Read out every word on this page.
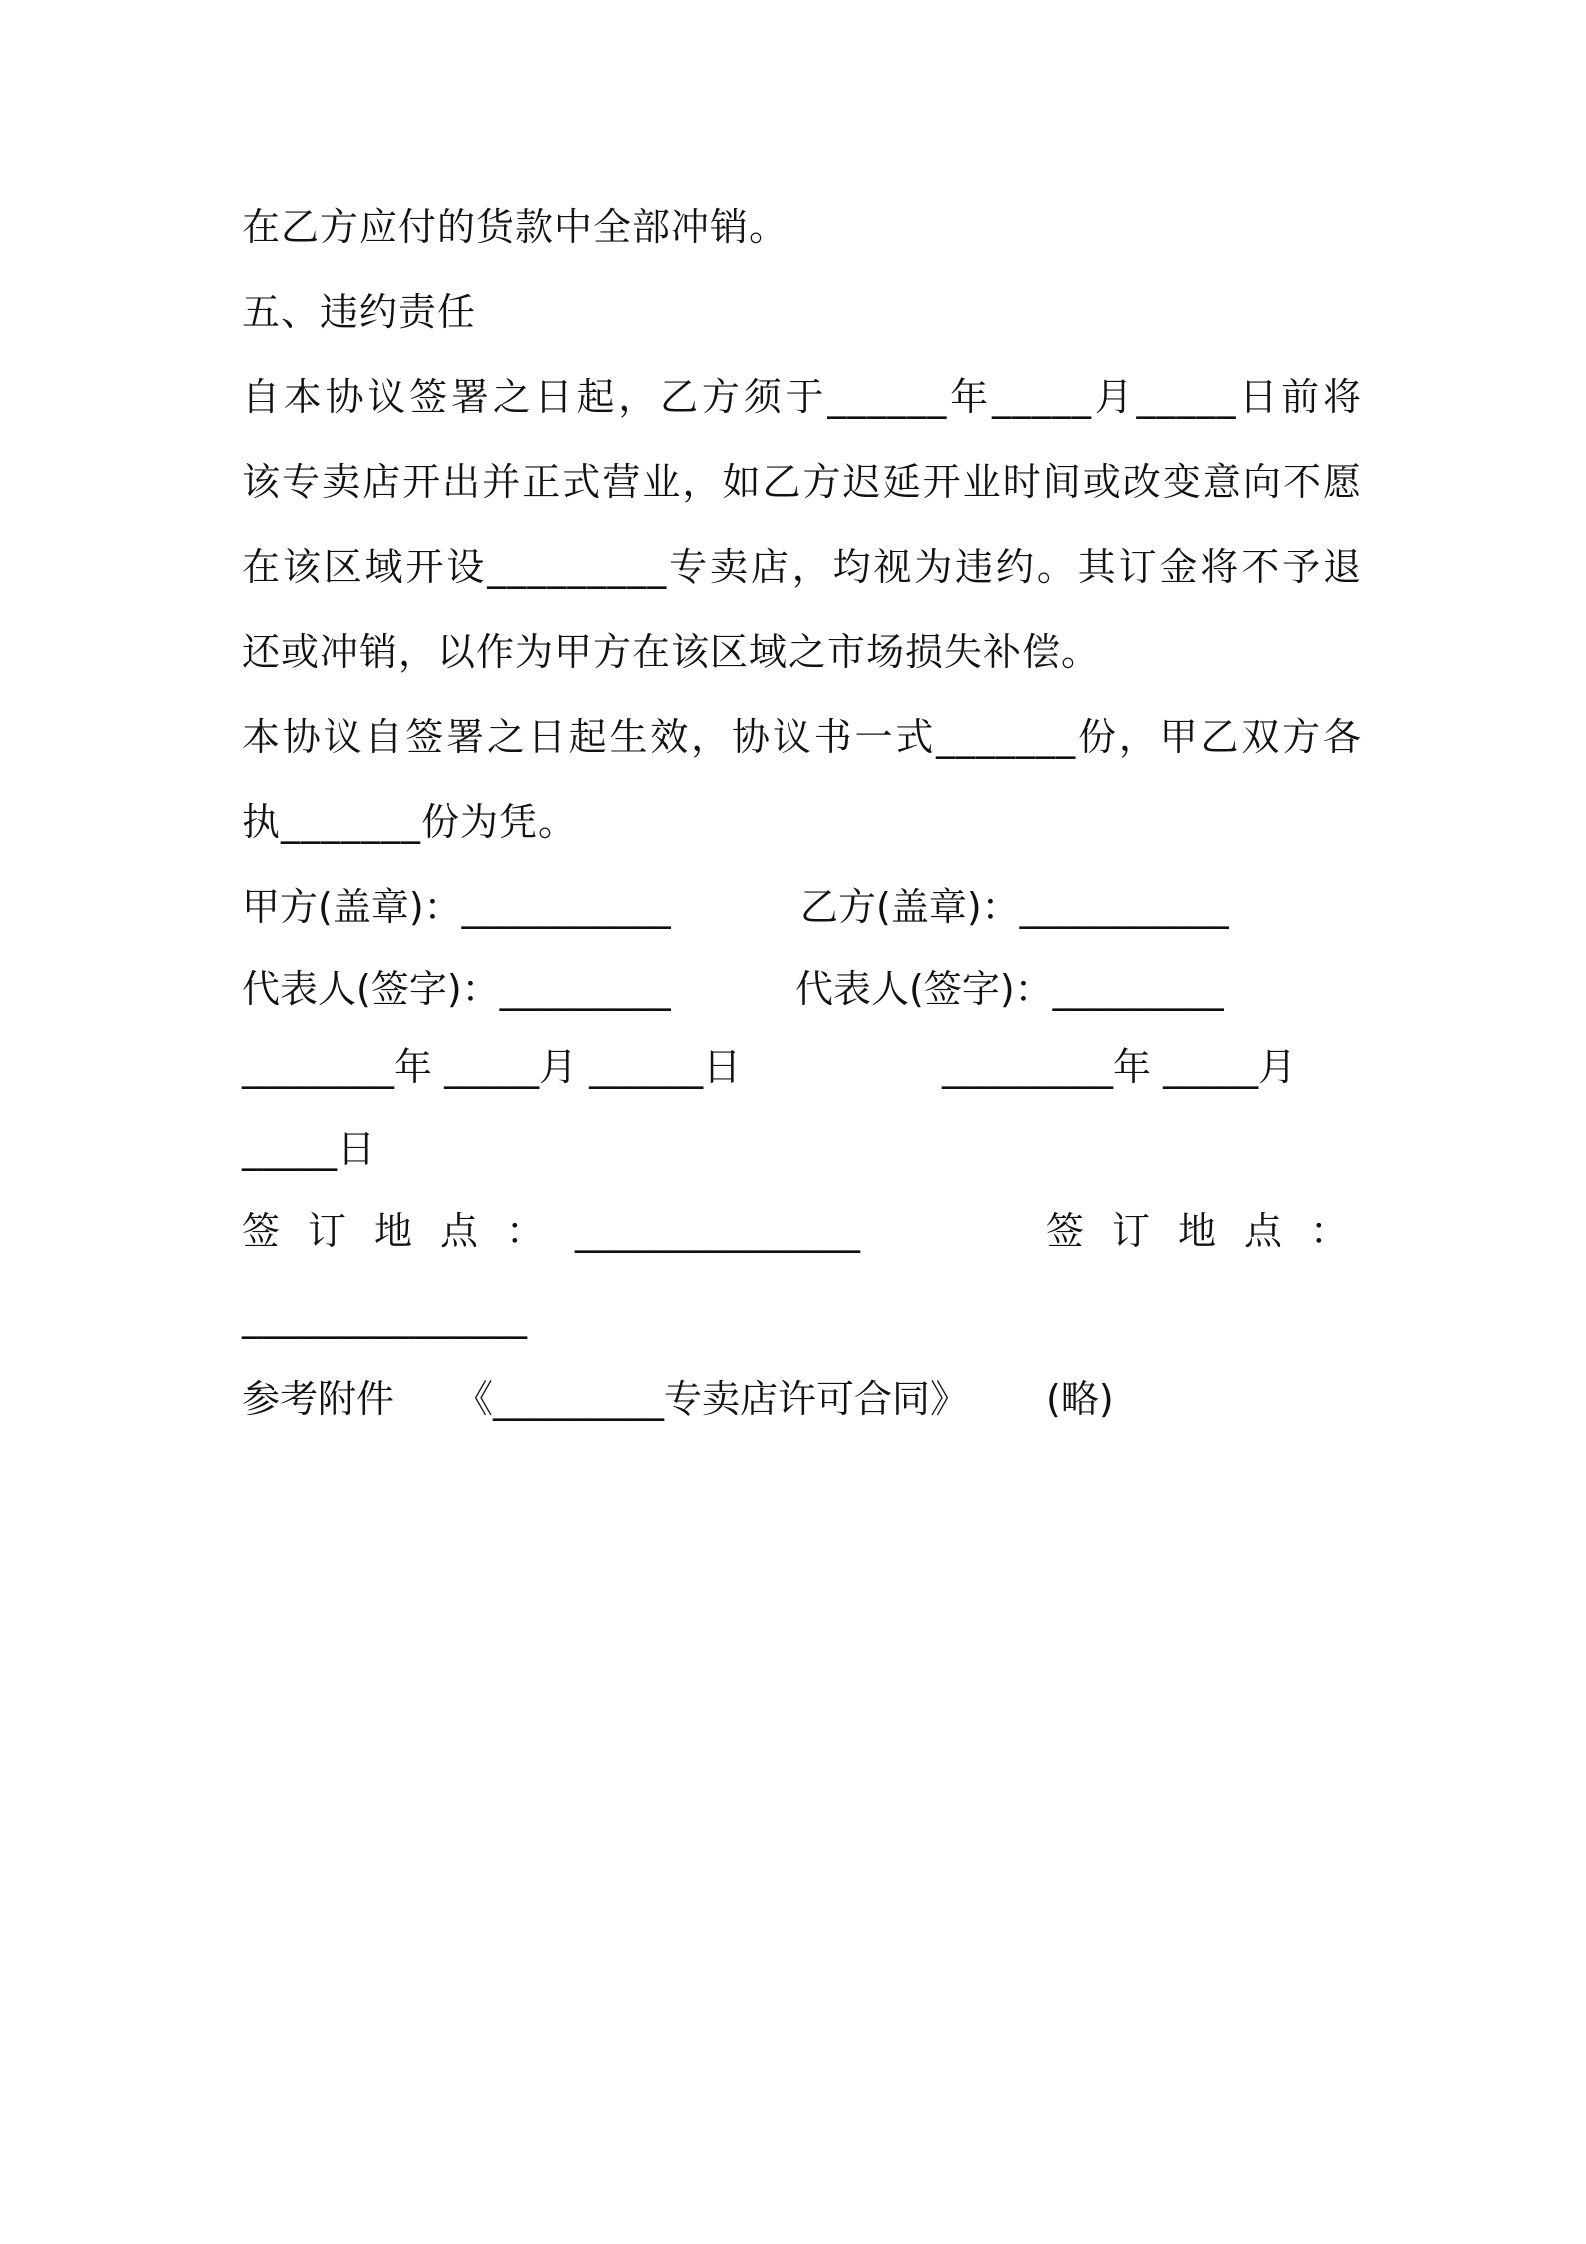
在乙方应付的货款中全部冲销。
五、违约责任
自本协议签署之日起，乙方须于______年_____月_____日前将
该专卖店开出并正式营业，如乙方迟延开业时间或改变意向不愿
在该区域开设_________专卖店，均视为违约。其订金将不予退
还或冲销，以作为甲方在该区域之市场损失补偿。
本协议自签署之日起生效，协议书一式_______份，甲乙双方各
执_______份为凭。
甲方(盖章)：___________	乙方(盖章)：___________
代表人(签字)：_________	代表人(签字)：_________
________年 _____月 ______日	_________年 _____月
_____日
签订地点： _______________	签订地点：
_______________
参考附件 《_________专卖店许可合同》 (略)
